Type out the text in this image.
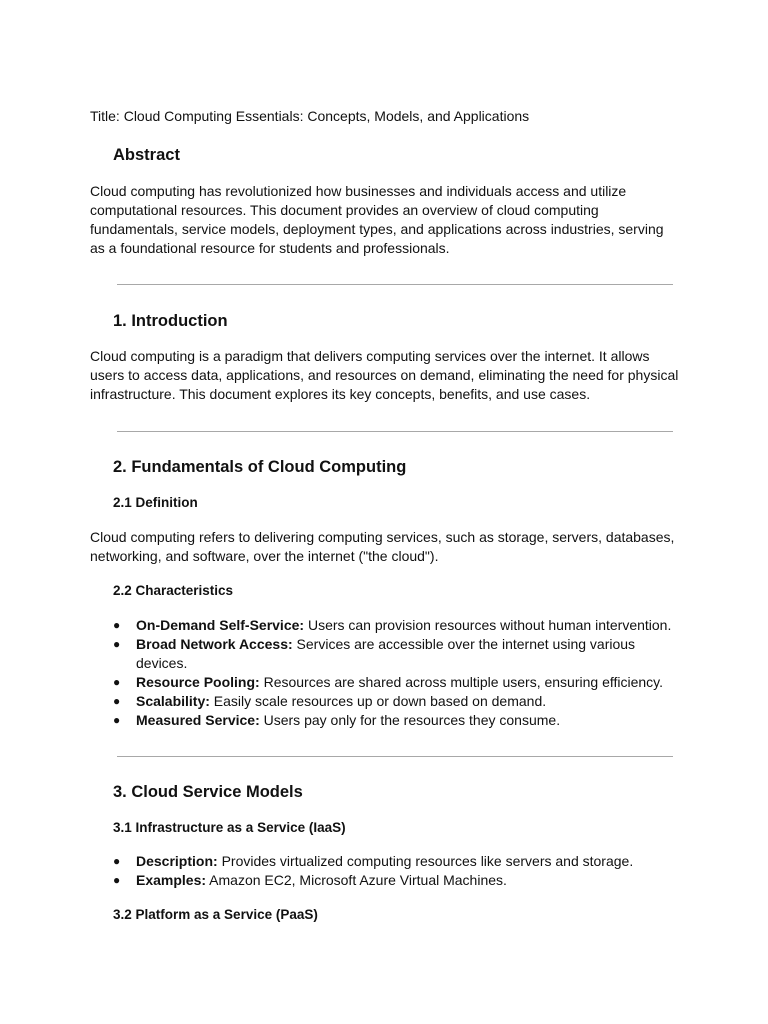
Title: Cloud Computing Essentials: Concepts, Models, and Applications
Abstract

Cloud computing has revolutionized how businesses and individuals access and utilize computational resources. This document provides an overview of cloud computing fundamentals, service models, deployment types, and applications across industries, serving as a foundational resource for students and professionals.

1. Introduction

Cloud computing is a paradigm that delivers computing services over the internet. It allows users to access data, applications, and resources on demand, eliminating the need for physical infrastructure. This document explores its key concepts, benefits, and use cases.

2. Fundamentals of Cloud Computing
2.1 Definition

Cloud computing refers to delivering computing services, such as storage, servers, databases, networking, and software, over the internet ("the cloud").

2.2 Characteristics
● On-Demand Self-Service: Users can provision resources without human intervention.
● Broad Network Access: Services are accessible over the internet using various devices.
● Resource Pooling: Resources are shared across multiple users, ensuring efficiency.
● Scalability: Easily scale resources up or down based on demand.
● Measured Service: Users pay only for the resources they consume.
3. Cloud Service Models
3.1 Infrastructure as a Service (IaaS)
● Description: Provides virtualized computing resources like servers and storage.
● Examples: Amazon EC2, Microsoft Azure Virtual Machines.
3.2 Platform as a Service (PaaS)
